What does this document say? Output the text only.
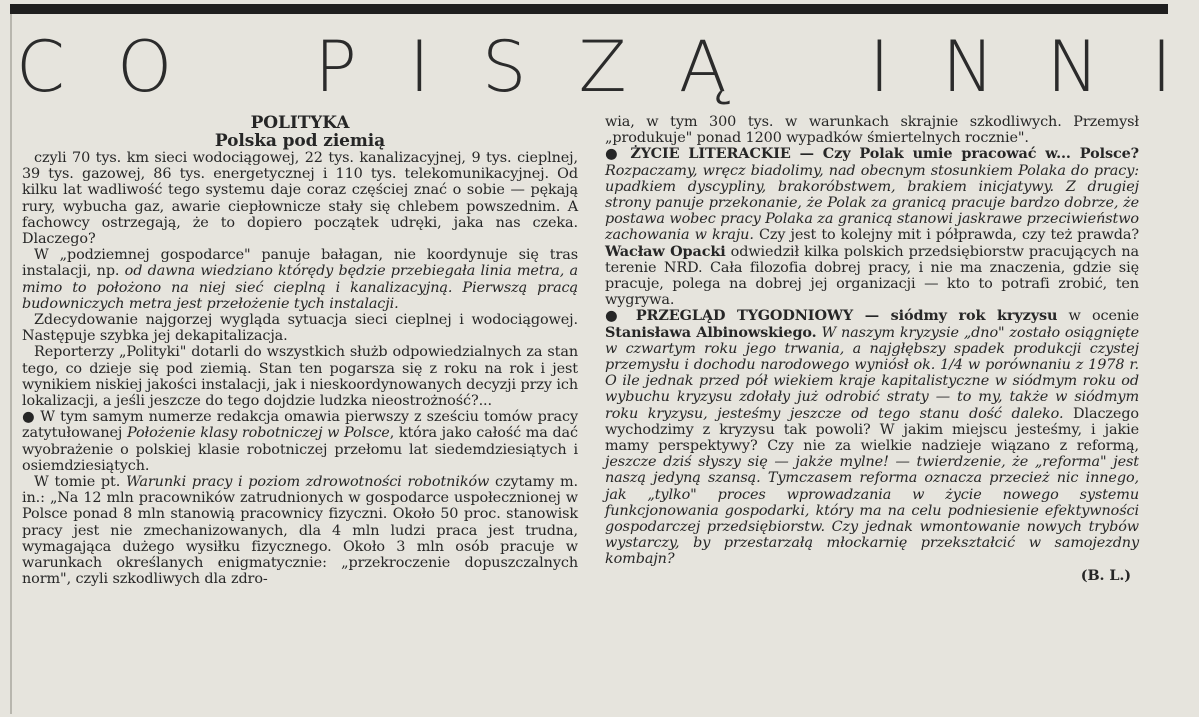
C O P I S Z Ą I N N I

POLITYKA

Polska pod ziemią

czyli 70 tys. km sieci wodociągowej, 22 tys. kanalizacyjnej, 9 tys. cieplnej, 39 tys. gazowej, 86 tys. energetycznej i 110 tys. telekomunikacyjnej. Od kilku lat wadliwość tego systemu daje coraz częściej znać o sobie — pękają rury, wybucha gaz, awarie ciepłownicze stały się chlebem powszednim. A fachowcy ostrzegają, że to dopiero początek udręki, jaka nas czeka. Dlaczego?

W „podziemnej gospodarce" panuje bałagan, nie koordynuje się tras instalacji, np. od dawna wiedziano którędy będzie przebiegała linia metra, a mimo to położono na niej sieć cieplną i kanalizacyjną. Pierwszą pracą budowniczych metra jest przełożenie tych instalacji.

Zdecydowanie najgorzej wygląda sytuacja sieci cieplnej i wodociągowej. Następuje szybka jej dekapitalizacja.

Reporterzy „Polityki" dotarli do wszystkich służb odpowiedzialnych za stan tego, co dzieje się pod ziemią. Stan ten pogarsza się z roku na rok i jest wynikiem niskiej jakości instalacji, jak i nieskoordynowanych decyzji przy ich lokalizacji, a jeśli jeszcze do tego dojdzie ludzka nieostrożność?...

● W tym samym numerze redakcja omawia pierwszy z sześciu tomów pracy zatytułowanej Położenie klasy robotniczej w Polsce, która jako całość ma dać wyobrażenie o polskiej klasie robotniczej przełomu lat siedemdziesiątych i osiemdziesiątych.

W tomie pt. Warunki pracy i poziom zdrowotności robotników czytamy m. in.: „Na 12 mln pracowników zatrudnionych w gospodarce uspołecznionej w Polsce ponad 8 mln stanowią pracownicy fizyczni. Około 50 proc. stanowisk pracy jest nie zmechanizowanych, dla 4 mln ludzi praca jest trudna, wymagająca dużego wysiłku fizycznego. Około 3 mln osób pracuje w warunkach określanych enigmatycznie: „przekroczenie dopuszczalnych norm", czyli szkodliwych dla zdro-

wia, w tym 300 tys. w warunkach skrajnie szkodliwych. Przemysł „produkuje" ponad 1200 wypadków śmiertelnych rocznie".

● ŻYCIE LITERACKIE — Czy Polak umie pracować w... Polsce? Rozpaczamy, wręcz biadolimy, nad obecnym stosunkiem Polaka do pracy: upadkiem dyscypliny, brakoróbstwem, brakiem inicjatywy. Z drugiej strony panuje przekonanie, że Polak za granicą pracuje bardzo dobrze, że postawa wobec pracy Polaka za granicą stanowi jaskrawe przeciwieństwo zachowania w kraju. Czy jest to kolejny mit i półprawda, czy też prawda? Wacław Opacki odwiedził kilka polskich przedsiębiorstw pracujących na terenie NRD. Cała filozofia dobrej pracy, i nie ma znaczenia, gdzie się pracuje, polega na dobrej jej organizacji — kto to potrafi zrobić, ten wygrywa.

● PRZEGLĄD TYGODNIOWY — siódmy rok kryzysu w ocenie Stanisława Albinowskiego. W naszym kryzysie „dno" zostało osiągnięte w czwartym roku jego trwania, a najgłębszy spadek produkcji czystej przemysłu i dochodu narodowego wyniósł ok. 1/4 w porównaniu z 1978 r. O ile jednak przed pół wiekiem kraje kapitalistyczne w siódmym roku od wybuchu kryzysu zdołały już odrobić straty — to my, także w siódmym roku kryzysu, jesteśmy jeszcze od tego stanu dość daleko. Dlaczego wychodzimy z kryzysu tak powoli? W jakim miejscu jesteśmy, i jakie mamy perspektywy? Czy nie za wielkie nadzieje wiązano z reformą, jeszcze dziś słyszy się — jakże mylne! — twierdzenie, że „reforma" jest naszą jedyną szansą. Tymczasem reforma oznacza przecież nic innego, jak „tylko" proces wprowadzania w życie nowego systemu funkcjonowania gospodarki, który ma na celu podniesienie efektywności gospodarczej przedsiębiorstw. Czy jednak wmontowanie nowych trybów wystarczy, by przestarzałą młockarnię przekształcić w samojezdny kombajn?

(B. L.)
